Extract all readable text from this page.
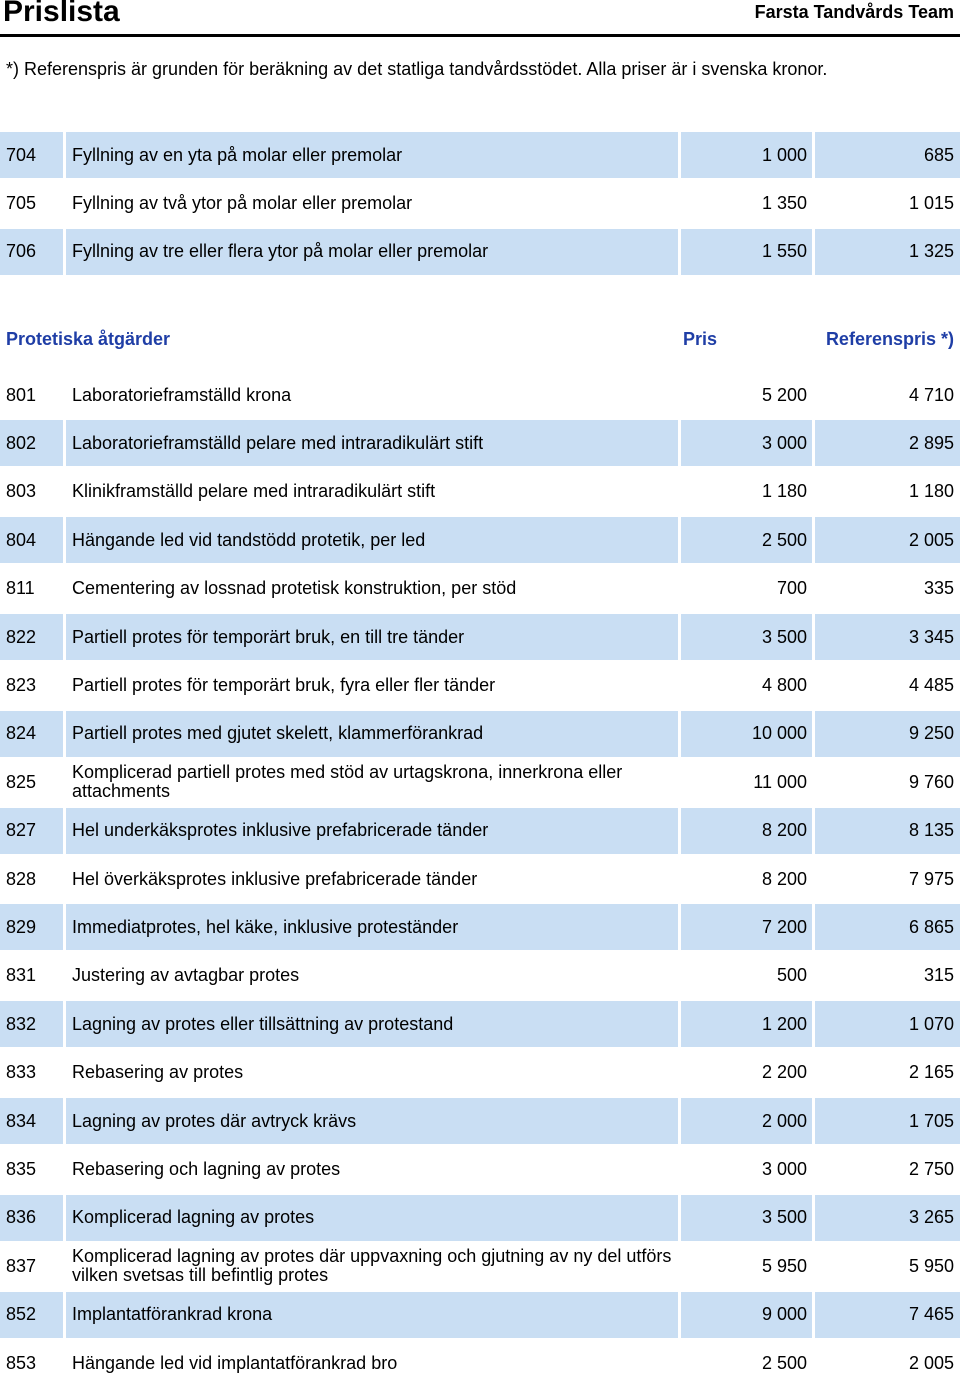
Prislista	Farsta Tandvårds Team
*) Referenspris är grunden för beräkning av det statliga tandvårdsstödet. Alla priser är i svenska kronor.
704	Fyllning av en yta på molar eller premolar	1 000	685
705	Fyllning av två ytor på molar eller premolar	1 350	1 015
706	Fyllning av tre eller flera ytor på molar eller premolar	1 550	1 325
Protetiska åtgärder	Pris	Referenspris *)
801	Laboratorieframställd krona	5 200	4 710
802	Laboratorieframställd pelare med intraradikulärt stift	3 000	2 895
803	Klinikframställd pelare med intraradikulärt stift	1 180	1 180
804	Hängande led vid tandstödd protetik, per led	2 500	2 005
811	Cementering av lossnad protetisk konstruktion, per stöd	700	335
822	Partiell protes för temporärt bruk, en till tre tänder	3 500	3 345
823	Partiell protes för temporärt bruk, fyra eller fler tänder	4 800	4 485
824	Partiell protes med gjutet skelett, klammerförankrad	10 000	9 250
825	Komplicerad partiell protes med stöd av urtagskrona, innerkrona eller attachments	11 000	9 760
827	Hel underkäksprotes inklusive prefabricerade tänder	8 200	8 135
828	Hel överkäksprotes inklusive prefabricerade tänder	8 200	7 975
829	Immediatprotes, hel käke, inklusive proteständer	7 200	6 865
831	Justering av avtagbar protes	500	315
832	Lagning av protes eller tillsättning av protestand	1 200	1 070
833	Rebasering av protes	2 200	2 165
834	Lagning av protes där avtryck krävs	2 000	1 705
835	Rebasering och lagning av protes	3 000	2 750
836	Komplicerad lagning av protes	3 500	3 265
837	Komplicerad lagning av protes där uppvaxning och gjutning av ny del utförs vilken svetsas till befintlig protes	5 950	5 950
852	Implantatförankrad krona	9 000	7 465
853	Hängande led vid implantatförankrad bro	2 500	2 005
